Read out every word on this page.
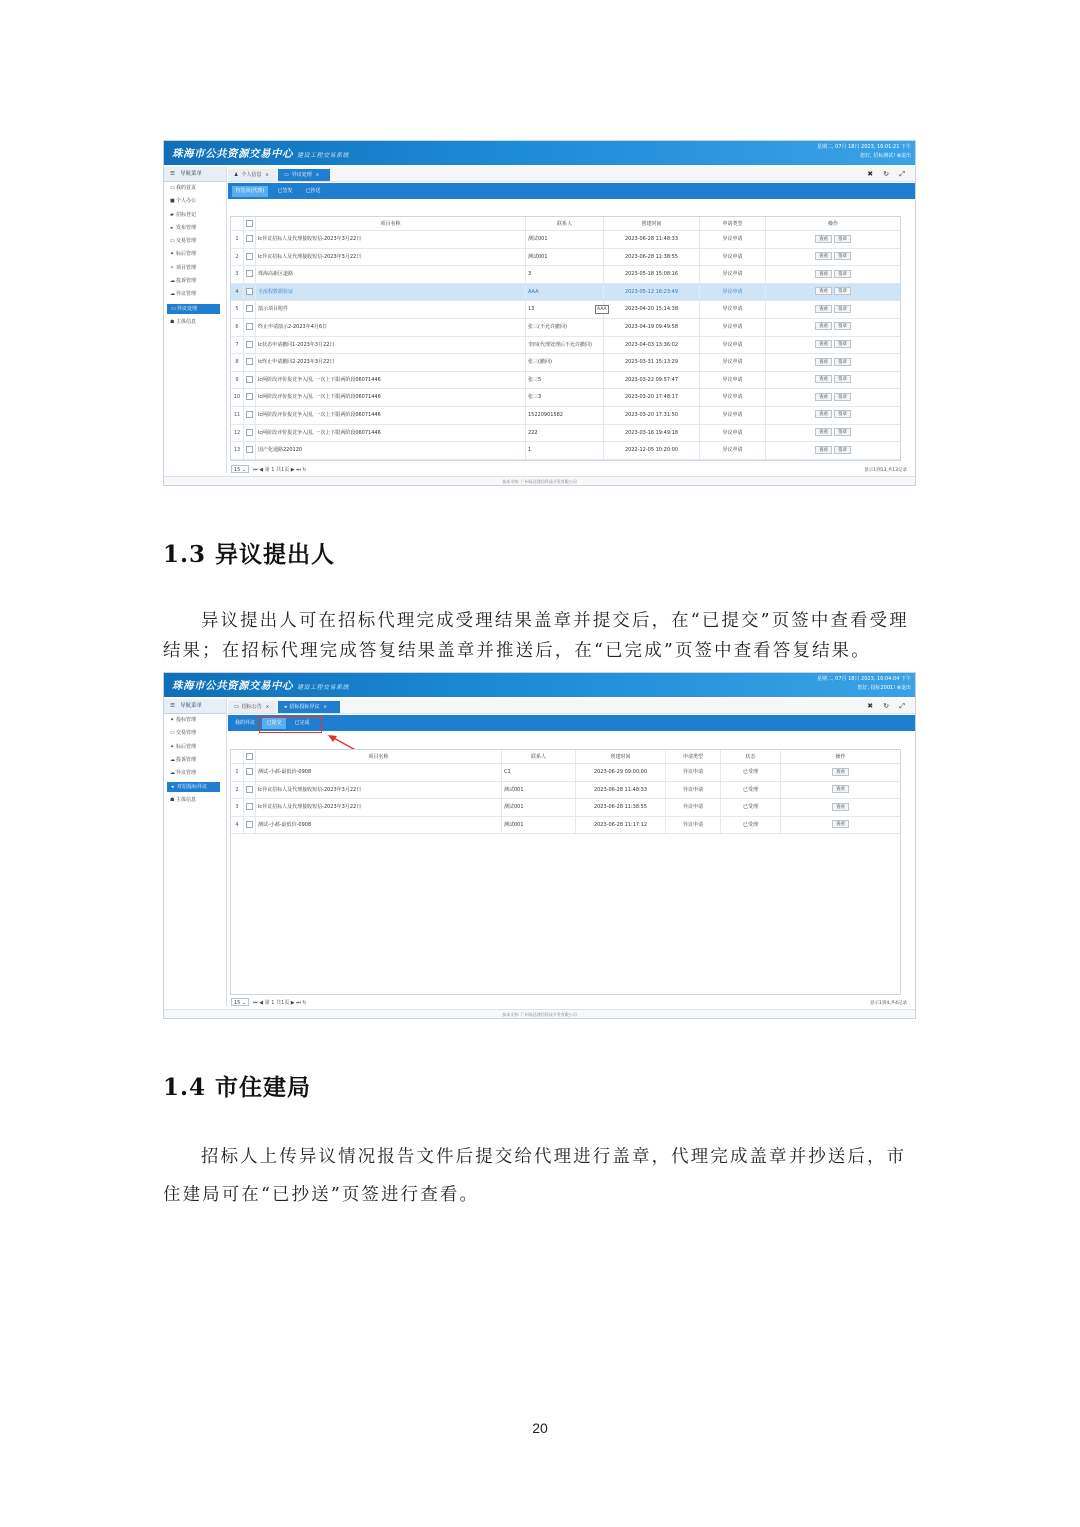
珠海市公共资源交易中心 建设工程交易系统
星期二, 07月 18日 2023, 16:01:21 下午
您好, 招标测试! ⊗退出
☰ 导航菜单
▭我的首页
■个人办公
▰ 招标登记
◂ 发布管理
▭交易管理
✦ 标后管理
✧ 项目管理
☁投诉管理
☁异议管理
▭异议处理
☗ 主体信息
♟ 个人信息 ✕	▭ 异议处理 ✕	✖ ↻ ⤢
待签章(代理)	已签发	已抄送
项目名称	联系人	创建时间	申请类型	操作
1	lc异议招标人及代理接收短信-2023年3月22日	测试001	2023-06-28 11:48:33	异议申请	查看 签章
2	lc异议招标人及代理接收短信-2023年3月22日	测试001	2023-06-28 11:38:55	异议申请	查看 签章
3	珠海高新区道路	3	2023-05-18 15:08:16	异议申请	查看 签章
4	全流程数据验证	AAA	2023-05-12 16:23:49	异议申请	查看 签章
5	演示项目附件	13	2023-04-20 15:14:38	异议申请	查看 签章
6	终止申请演示2-2023年4月6日	张三(不允许撤回)	2023-04-19 09:49:58	异议申请	查看 签章
7	lc状态申请撤回1-2023年3月22日	李四(代理处理后不允许撤回)	2023-04-03 13:36:02	异议申请	查看 签章
8	lc终止申请撤回2-2023年3月22日	张三(撤回)	2023-03-31 15:13:29	异议申请	查看 签章
9	lc两阶段评价报竞争入围, 一次上下限两阶段06071446	张三5	2023-03-22 09:57:47	异议申请	查看 签章
10	lc两阶段评价报竞争入围, 一次上下限两阶段06071446	张三3	2023-03-20 17:48:17	异议申请	查看 签章
11	lc两阶段评价报竞争入围, 一次上下限两阶段06071446	15220901582	2023-03-20 17:31:50	异议申请	查看 签章
12	lc两阶段评价报竞争入围, 一次上下限两阶段06071446	222	2023-03-16 19:49:18	异议申请	查看 签章
13	国产化通路220120	1	2022-12-05 10:20:00	异议申请	查看 签章
AAA
15 ⌄ ⏮ ◀ 第 1 共1页 ▶ ⏭ ↻	显示1到13,共13记录
技术支持: 广州易达建信科技开发有限公司
1.3 异议提出人
异议提出人可在招标代理完成受理结果盖章并提交后，在“已提交”页签中查看受理结果；在招标代理完成答复结果盖章并推送后，在“已完成”页签中查看答复结果。
珠海市公共资源交易中心 建设工程交易系统
星期二, 07月 18日 2023, 16:04:04 下午
您好, 投标2001! ⊗退出
☰ 导航菜单
✦ 投标管理
▭交易管理
✦ 标后管理
☁投诉管理
☁异议管理
◂ 对招投标异议
☗ 主体信息
▭ 招标公告 ✕	◂ 招标投标异议 ✕	✖ ↻ ⤢
我的异议	已提交	已完成
项目名称	联系人	创建时间	申请类型	状态	操作
1	测试-小郝-最低价-0908	C1	2023-06-29 09:00:00	异议申请	已受理	查看
2	lc异议招标人及代理接收短信-2023年3月22日	测试001	2023-06-28 11:48:33	异议申请	已受理	查看
3	lc异议招标人及代理接收短信-2023年3月22日	测试001	2023-06-28 11:38:55	异议申请	已受理	查看
4	测试-小郝-最低价-0908	测试001	2023-06-28 11:17:12	异议申请	已受理	查看
15 ⌄ ⏮ ◀ 第 1 共1页 ▶ ⏭ ↻	显示1到4,共4记录
技术支持: 广州易达建信科技开发有限公司
1.4 市住建局
招标人上传异议情况报告文件后提交给代理进行盖章，代理完成盖章并抄送后，市住建局可在“已抄送”页签进行查看。
20
